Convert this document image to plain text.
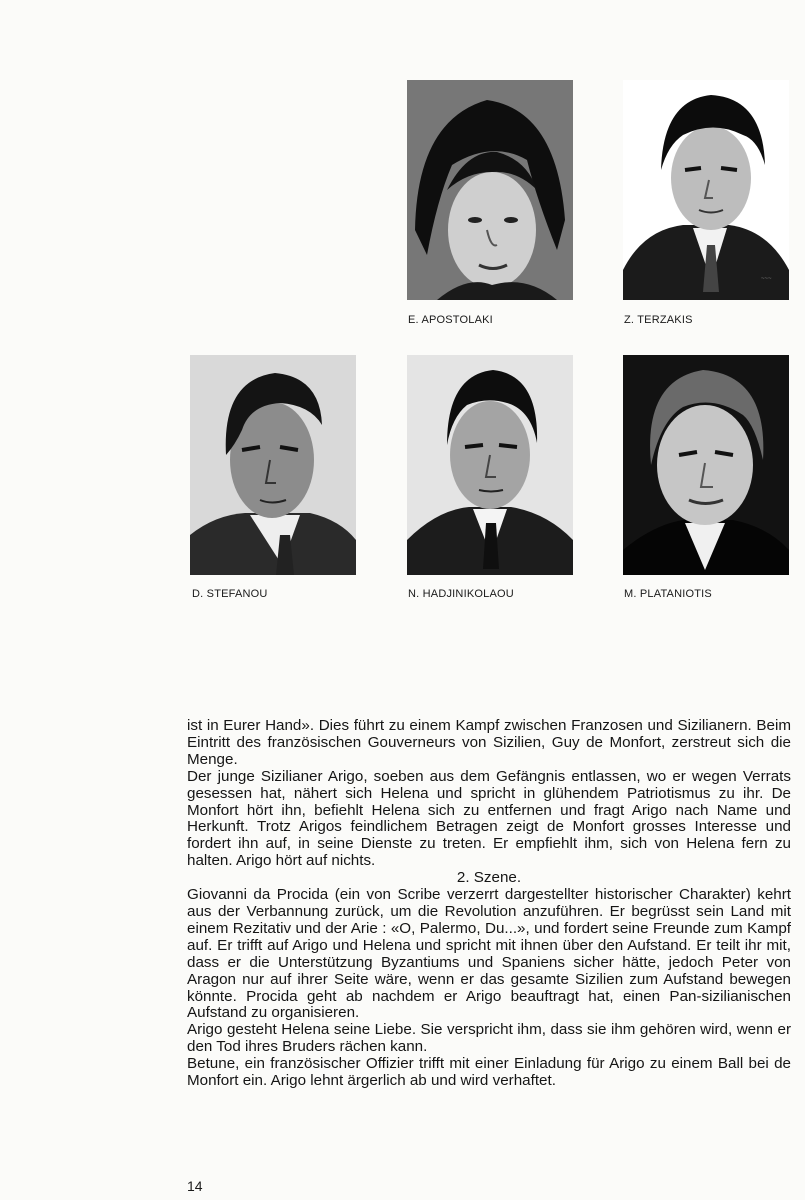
E. APOSTOLAKI
~~~
Z. TERZAKIS
D. STEFANOU	N. HADJINIKOLAOU	M. PLATANIOTIS

ist in Eurer Hand». Dies führt zu einem Kampf zwischen Franzosen und Sizilianern. Beim Eintritt des französischen Gouverneurs von Sizilien, Guy de Monfort, zerstreut sich die Menge.

Der junge Sizilianer Arigo, soeben aus dem Gefängnis entlassen, wo er wegen Verrats gesessen hat, nähert sich Helena und spricht in glühendem Patriotismus zu ihr. De Monfort hört ihn, befiehlt Helena sich zu entfernen und fragt Arigo nach Name und Herkunft. Trotz Arigos feindlichem Betragen zeigt de Monfort grosses Interesse und fordert ihn auf, in seine Dienste zu treten. Er empfiehlt ihm, sich von Helena fern zu halten. Arigo hört auf nichts.

2. Szene.

Giovanni da Procida (ein von Scribe verzerrt dargestellter historischer Charakter) kehrt aus der Verbannung zurück, um die Revolution anzuführen. Er begrüsst sein Land mit einem Rezitativ und der Arie : «O, Palermo, Du...», und fordert seine Freunde zum Kampf auf. Er trifft auf Arigo und Helena und spricht mit ihnen über den Aufstand. Er teilt ihr mit, dass er die Unterstützung Byzantiums und Spaniens sicher hätte, jedoch Peter von Aragon nur auf ihrer Seite wäre, wenn er das gesamte Sizilien zum Aufstand bewegen könnte. Procida geht ab nachdem er Arigo beauftragt hat, einen Pan-sizilianischen Aufstand zu organisieren.

Arigo gesteht Helena seine Liebe. Sie verspricht ihm, dass sie ihm gehören wird, wenn er den Tod ihres Bruders rächen kann.

Betune, ein französischer Offizier trifft mit einer Einladung für Arigo zu einem Ball bei de Monfort ein. Arigo lehnt ärgerlich ab und wird verhaftet.

14
